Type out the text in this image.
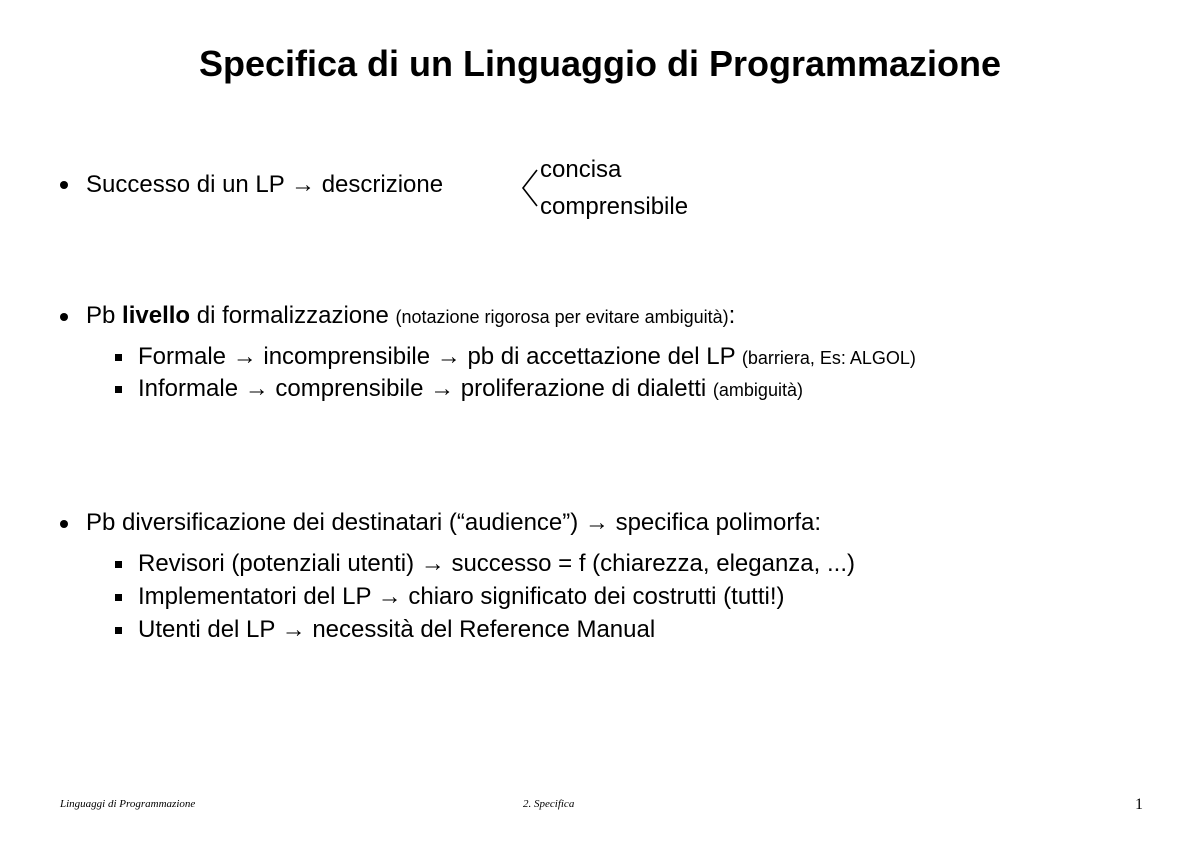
Specifica di un Linguaggio di Programmazione
Successo di un LP → descrizione
concisa
comprensibile
Pb livello di formalizzazione (notazione rigorosa per evitare ambiguità):
Formale → incomprensibile → pb di accettazione del LP (barriera, Es: ALGOL)
Informale → comprensibile → proliferazione di dialetti (ambiguità)
Pb diversificazione dei destinatari (“audience”) → specifica polimorfa:
Revisori (potenziali utenti) → successo = f (chiarezza, eleganza, ...)
Implementatori del LP → chiaro significato dei costrutti (tutti!)
Utenti del LP → necessità del Reference Manual
Linguaggi di Programmazione	2. Specifica	1
